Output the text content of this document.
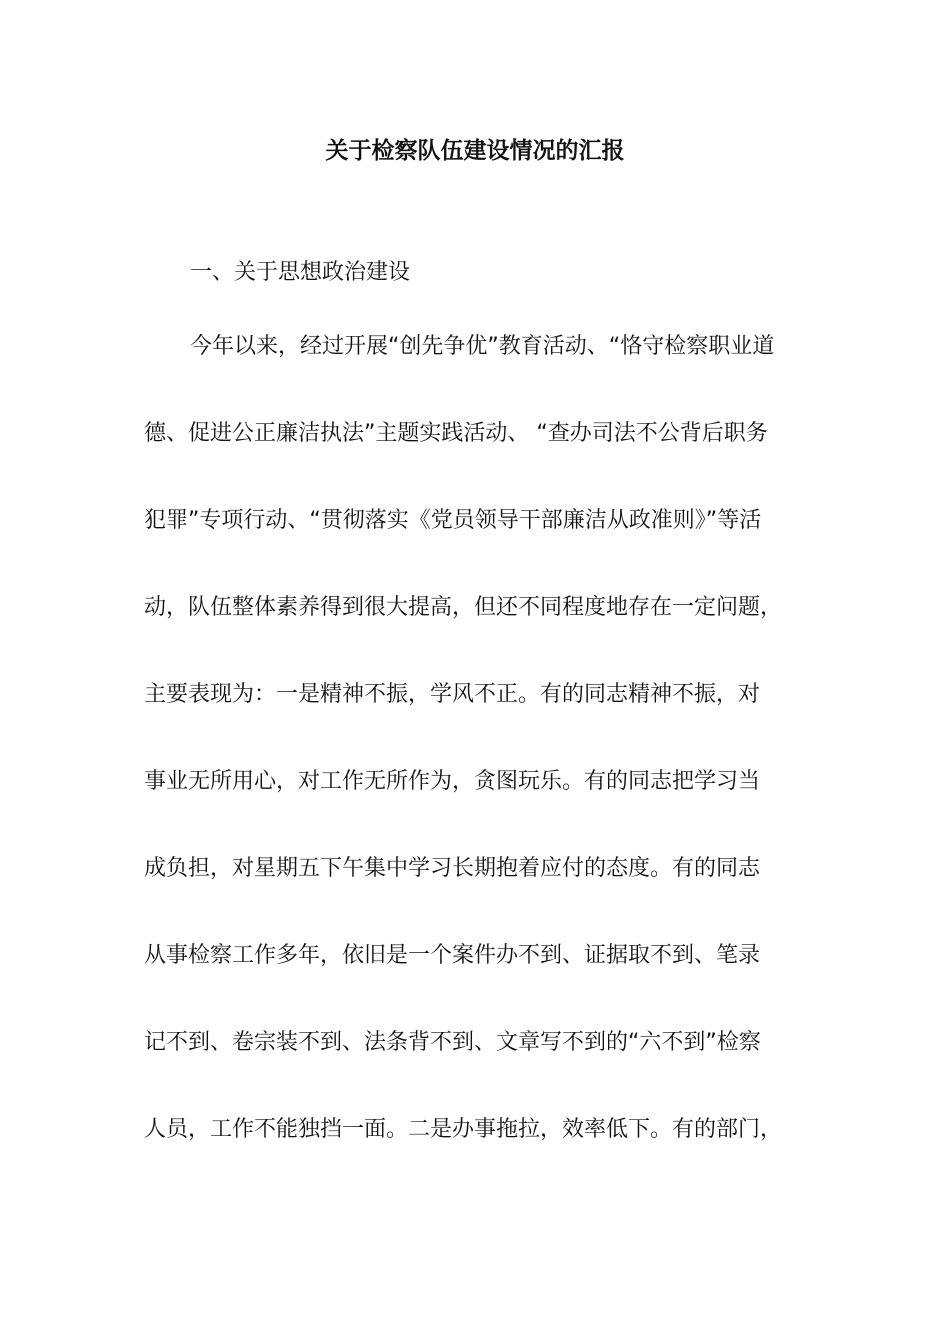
关于检察队伍建设情况的汇报
一、关于思想政治建设
今年以来，经过开展“创先争优”教育活动、“恪守检察职业道
德、促进公正廉洁执法”主题实践活动、 “查办司法不公背后职务
犯罪”专项行动、“贯彻落实《党员领导干部廉洁从政准则》”等活
动，队伍整体素养得到很大提高，但还不同程度地存在一定问题，
主要表现为：一是精神不振，学风不正。有的同志精神不振，对
事业无所用心，对工作无所作为，贪图玩乐。有的同志把学习当
成负担，对星期五下午集中学习长期抱着应付的态度。有的同志
从事检察工作多年，依旧是一个案件办不到、证据取不到、笔录
记不到、卷宗装不到、法条背不到、文章写不到的“六不到”检察
人员，工作不能独挡一面。二是办事拖拉，效率低下。有的部门，
